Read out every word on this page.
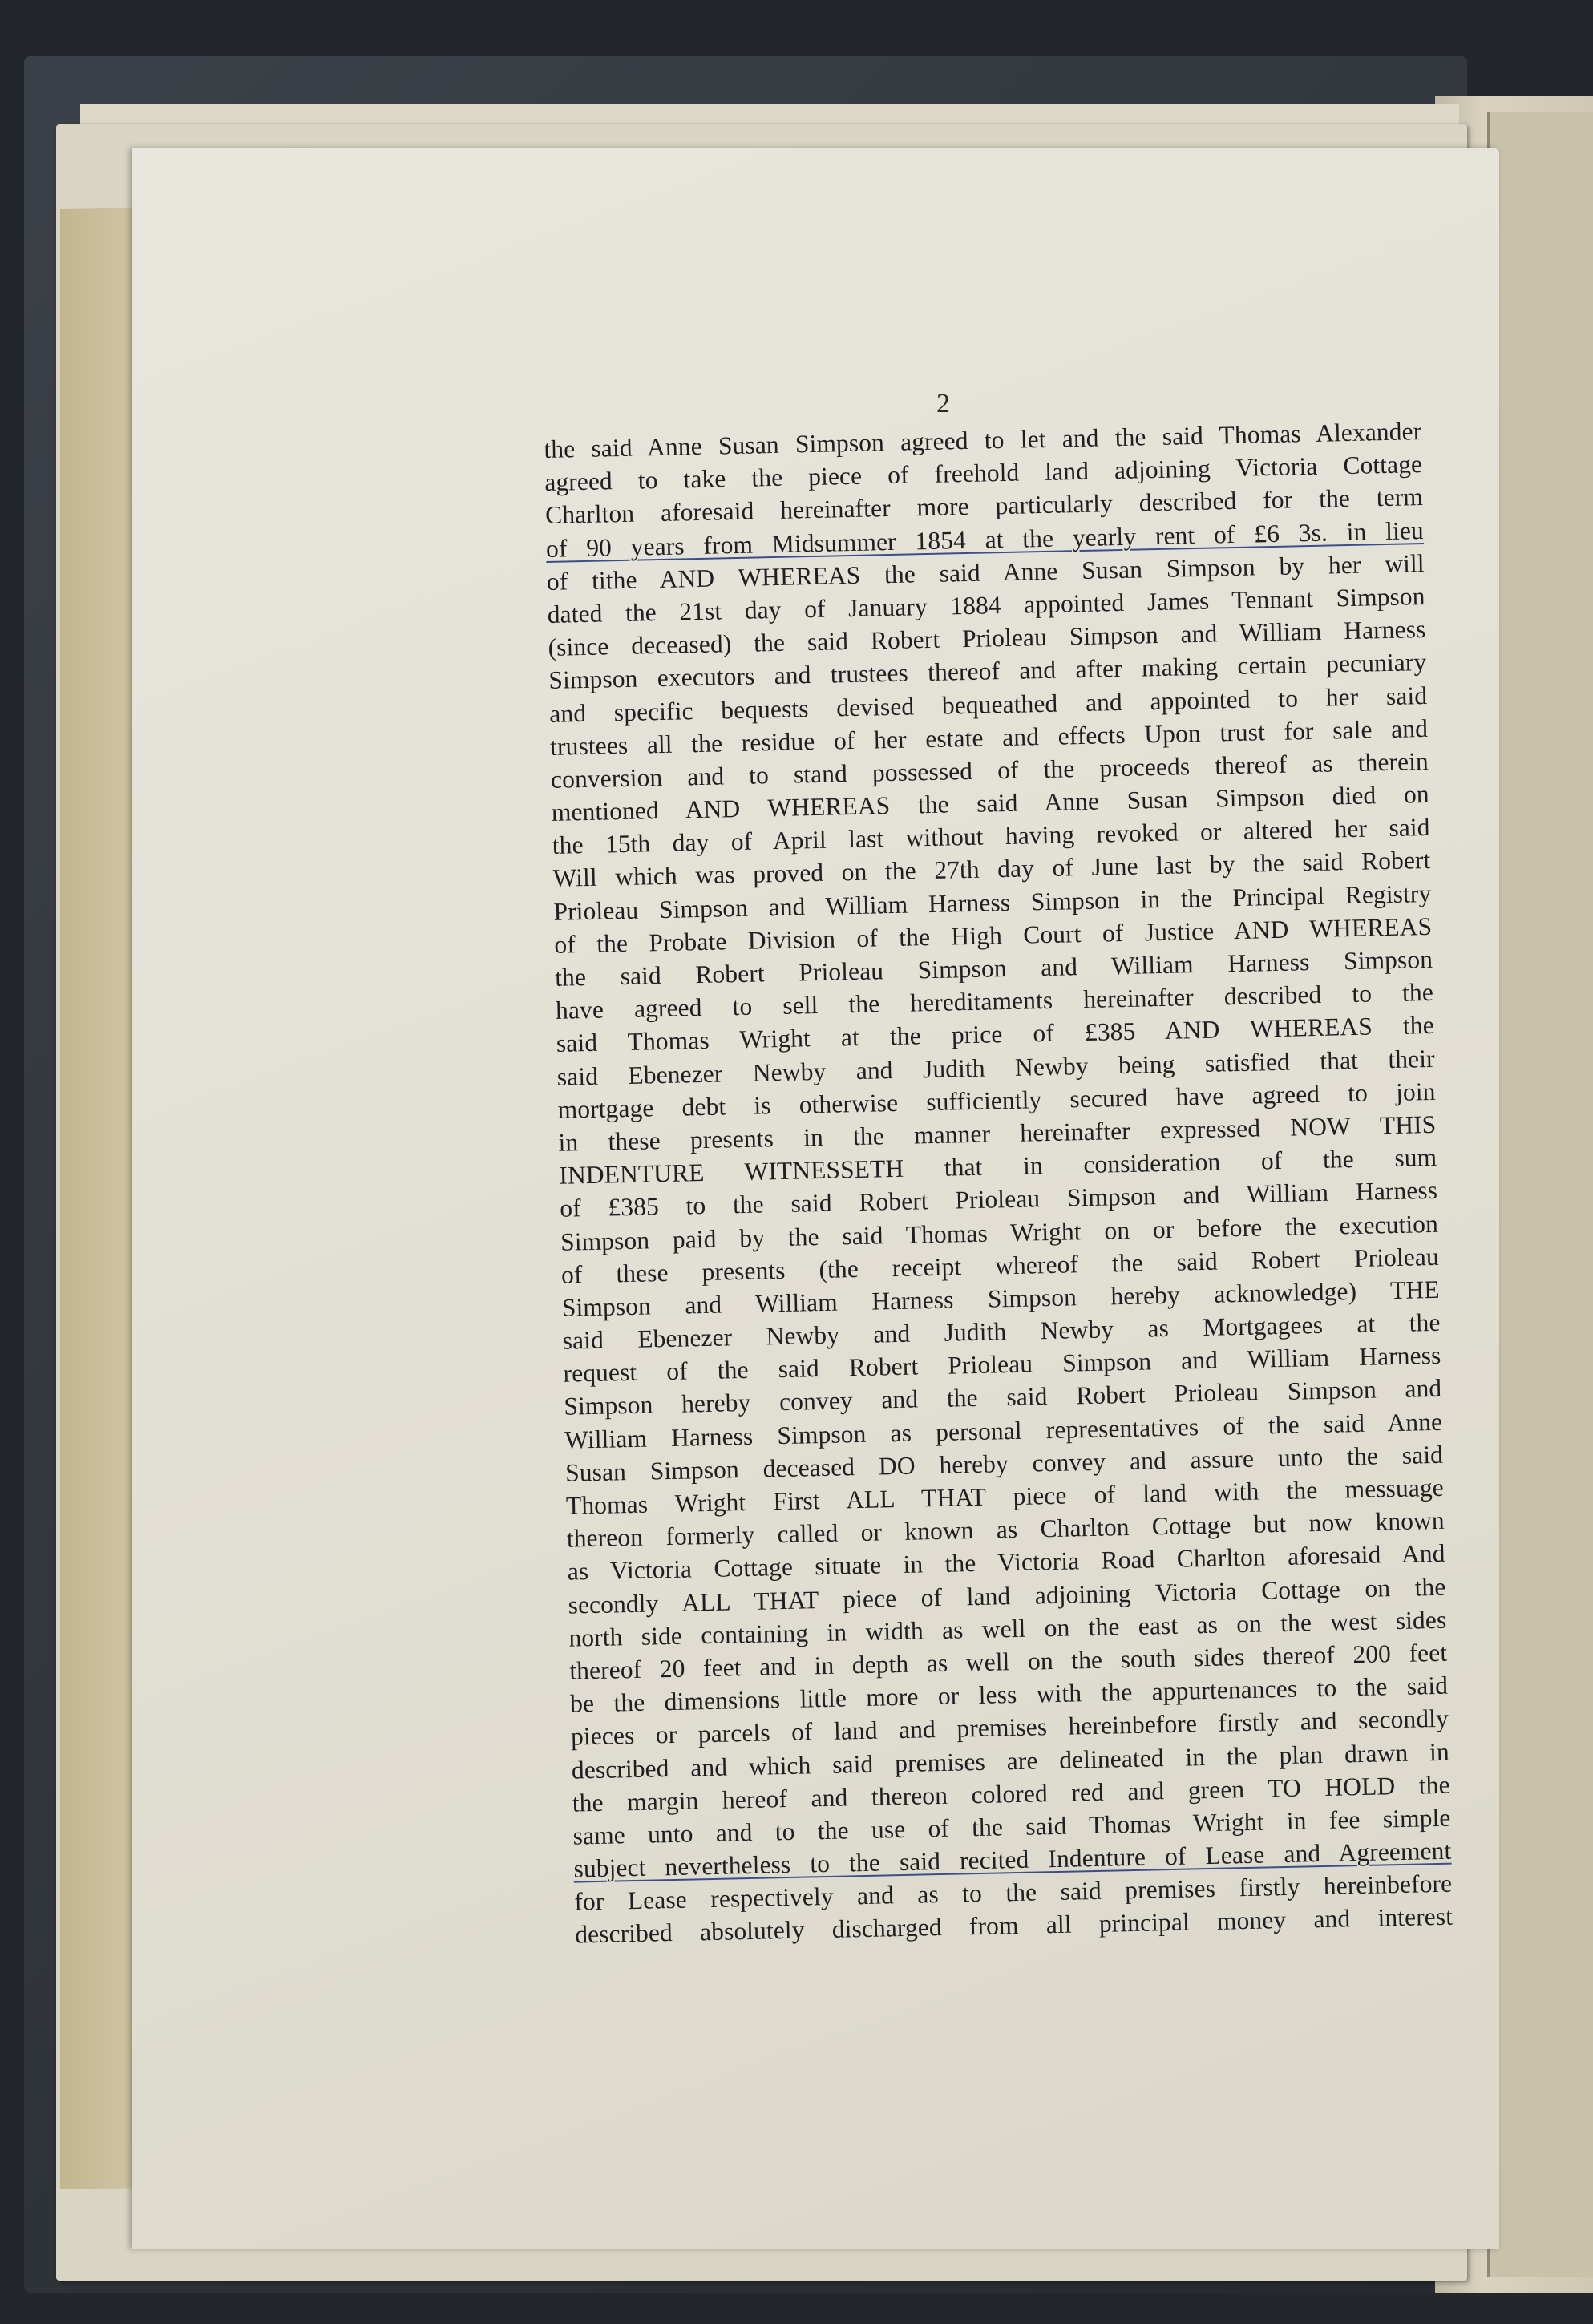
2
the said Anne Susan Simpson agreed to let and the said Thomas Alexander
agreed to take the piece of freehold land adjoining Victoria Cottage
Charlton aforesaid hereinafter more particularly described for the term
of 90 years from Midsummer 1854 at the yearly rent of £6 3s. in lieu
of tithe AND WHEREAS the said Anne Susan Simpson by her will
dated the 21st day of January 1884 appointed James Tennant Simpson
(since deceased) the said Robert Prioleau Simpson and William Harness
Simpson executors and trustees thereof and after making certain pecuniary
and specific bequests devised bequeathed and appointed to her said
trustees all the residue of her estate and effects Upon trust for sale and
conversion and to stand possessed of the proceeds thereof as therein
mentioned AND WHEREAS the said Anne Susan Simpson died on
the 15th day of April last without having revoked or altered her said
Will which was proved on the 27th day of June last by the said Robert
Prioleau Simpson and William Harness Simpson in the Principal Registry
of the Probate Division of the High Court of Justice AND WHEREAS
the said Robert Prioleau Simpson and William Harness Simpson
have agreed to sell the hereditaments hereinafter described to the
said Thomas Wright at the price of £385 AND WHEREAS the
said Ebenezer Newby and Judith Newby being satisfied that their
mortgage debt is otherwise sufficiently secured have agreed to join
in these presents in the manner hereinafter expressed NOW THIS
INDENTURE WITNESSETH that in consideration of the sum
of £385 to the said Robert Prioleau Simpson and William Harness
Simpson paid by the said Thomas Wright on or before the execution
of these presents (the receipt whereof the said Robert Prioleau
Simpson and William Harness Simpson hereby acknowledge) THE
said Ebenezer Newby and Judith Newby as Mortgagees at the
request of the said Robert Prioleau Simpson and William Harness
Simpson hereby convey and the said Robert Prioleau Simpson and
William Harness Simpson as personal representatives of the said Anne
Susan Simpson deceased DO hereby convey and assure unto the said
Thomas Wright First ALL THAT piece of land with the messuage
thereon formerly called or known as Charlton Cottage but now known
as Victoria Cottage situate in the Victoria Road Charlton aforesaid And
secondly ALL THAT piece of land adjoining Victoria Cottage on the
north side containing in width as well on the east as on the west sides
thereof 20 feet and in depth as well on the south sides thereof 200 feet
be the dimensions little more or less with the appurtenances to the said
pieces or parcels of land and premises hereinbefore firstly and secondly
described and which said premises are delineated in the plan drawn in
the margin hereof and thereon colored red and green TO HOLD the
same unto and to the use of the said Thomas Wright in fee simple
subject nevertheless to the said recited Indenture of Lease and Agreement
for Lease respectively and as to the said premises firstly hereinbefore
described absolutely discharged from all principal money and interest
